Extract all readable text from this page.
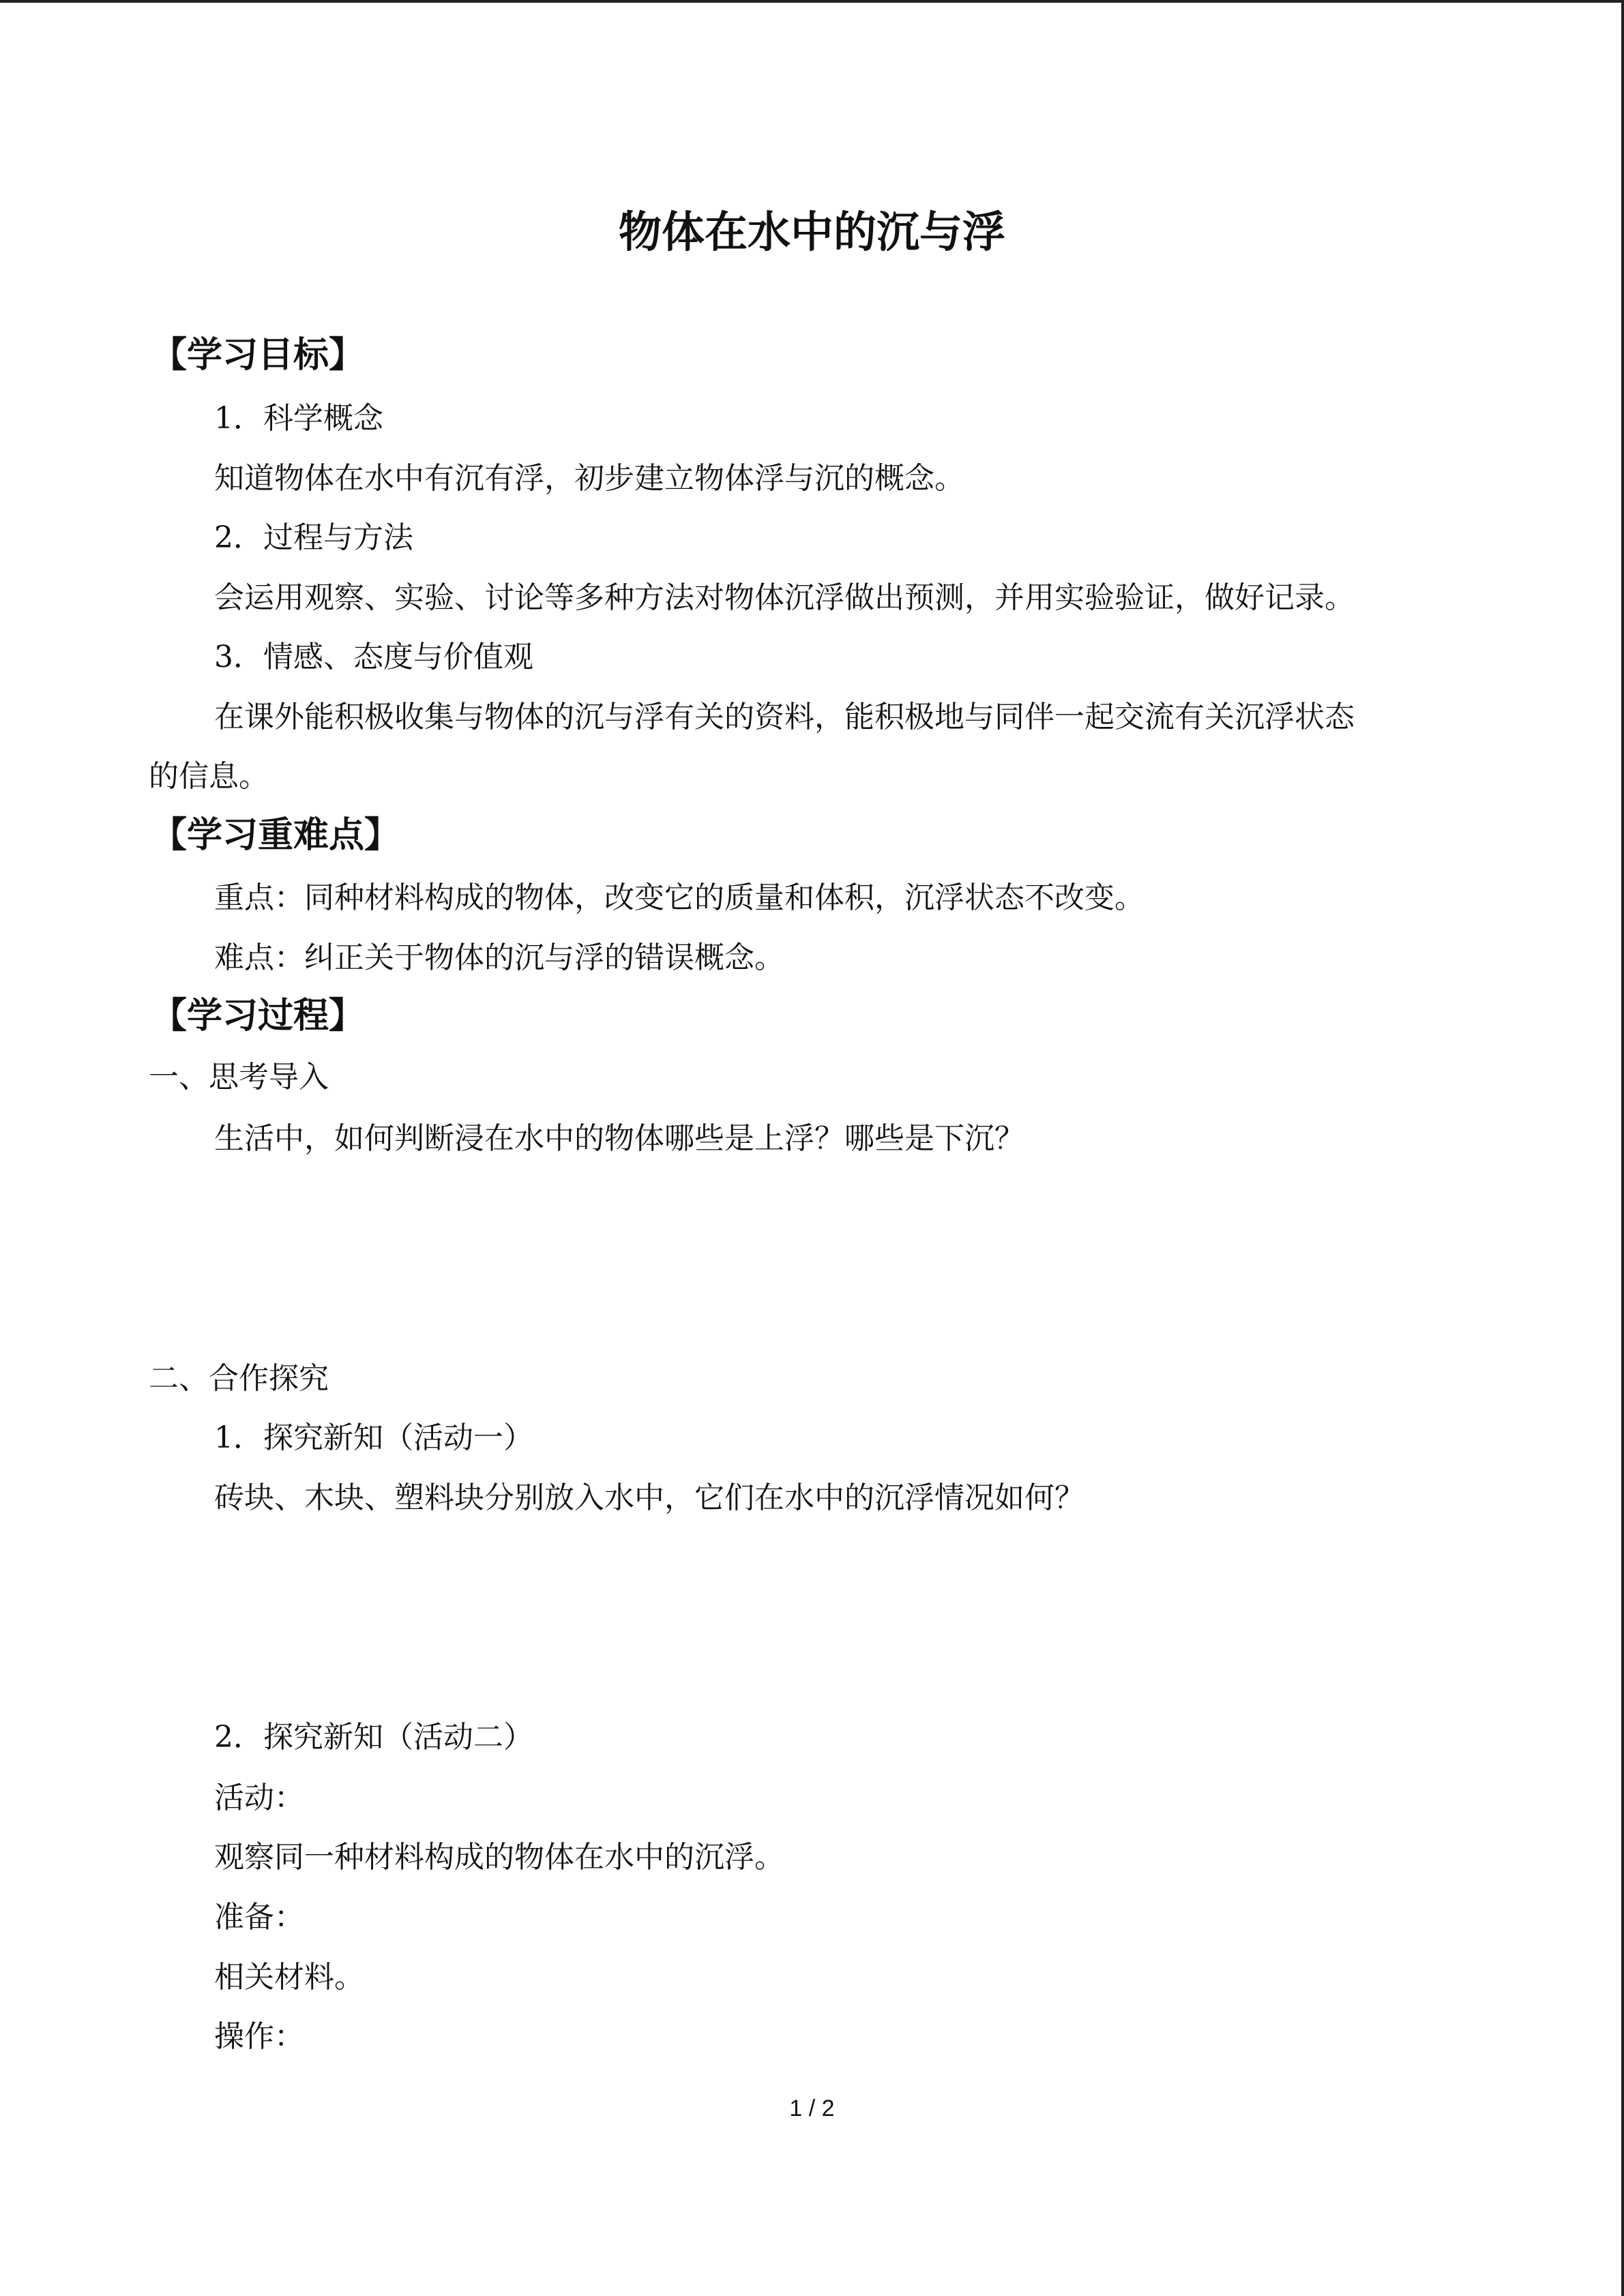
物体在水中的沉与浮
【学习目标】
1．科学概念
知道物体在水中有沉有浮，初步建立物体浮与沉的概念。
2．过程与方法
会运用观察、实验、讨论等多种方法对物体沉浮做出预测，并用实验验证，做好记录。
3．情感、态度与价值观
在课外能积极收集与物体的沉与浮有关的资料，能积极地与同伴一起交流有关沉浮状态
的信息。
【学习重难点】
重点：同种材料构成的物体，改变它的质量和体积，沉浮状态不改变。
难点：纠正关于物体的沉与浮的错误概念。
【学习过程】
一、思考导入
生活中，如何判断浸在水中的物体哪些是上浮？哪些是下沉？
二、合作探究
1．探究新知（活动一）
砖块、木块、塑料块分别放入水中，它们在水中的沉浮情况如何？
2．探究新知（活动二）
活动：
观察同一种材料构成的物体在水中的沉浮。
准备：
相关材料。
操作：
1 / 2
